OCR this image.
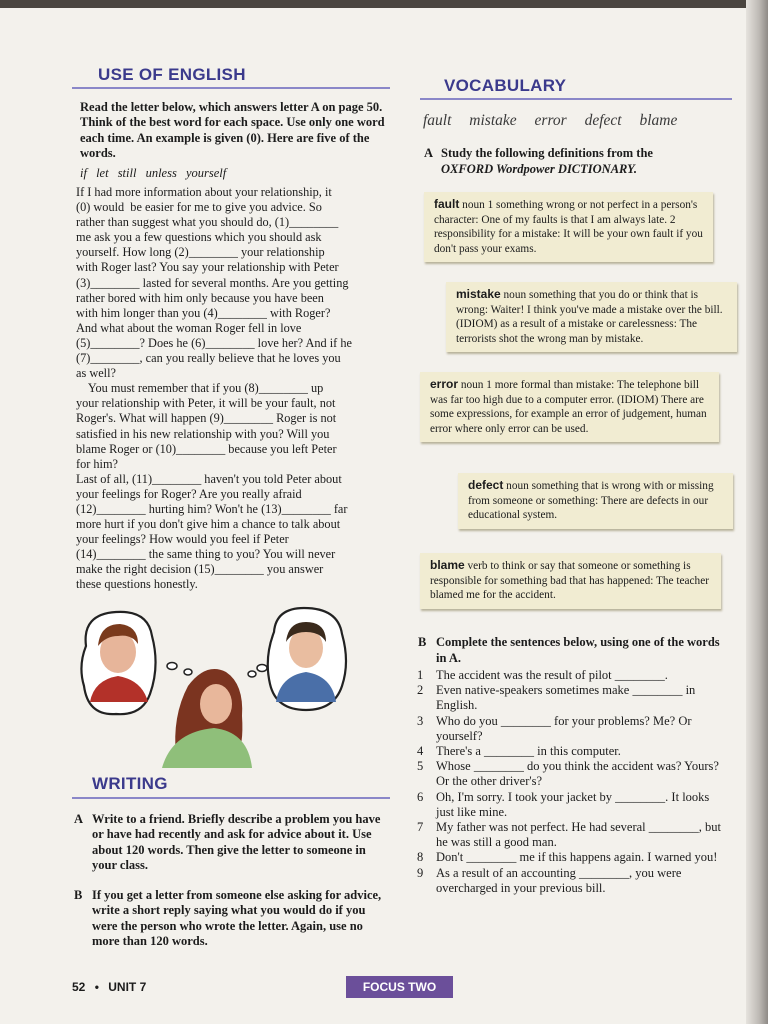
USE OF ENGLISH
Read the letter below, which answers letter A on page 50. Think of the best word for each space. Use only one word each time. An example is given (0). Here are five of the words.
if let still unless yourself
If I had more information about your relationship, it
(0) would  be easier for me to give you advice. So
rather than suggest what you should do, (1)________
me ask you a few questions which you should ask
yourself. How long (2)________ your relationship
with Roger last? You say your relationship with Peter
(3)________ lasted for several months. Are you getting
rather bored with him only because you have been
with him longer than you (4)________ with Roger?
And what about the woman Roger fell in love
(5)________? Does he (6)________ love her? And if he
(7)________, can you really believe that he loves you
as well?
You must remember that if you (8)________ up
your relationship with Peter, it will be your fault, not
Roger's. What will happen (9)________ Roger is not
satisfied in his new relationship with you? Will you
blame Roger or (10)________ because you left Peter
for him?
Last of all, (11)________ haven't you told Peter about
your feelings for Roger? Are you really afraid
(12)________ hurting him? Won't he (13)________ far
more hurt if you don't give him a chance to talk about
your feelings? How would you feel if Peter
(14)________ the same thing to you? You will never
make the right decision (15)________ you answer
these questions honestly.
WRITING
A Write to a friend. Briefly describe a problem you have or have had recently and ask for advice about it. Use about 120 words. Then give the letter to someone in your class.
B If you get a letter from someone else asking for advice, write a short reply saying what you would do if you were the person who wrote the letter. Again, use no more than 120 words.
VOCABULARY
fault mistake error defect blame
A Study the following definitions from the
OXFORD Wordpower DICTIONARY.
fault noun 1 something wrong or not perfect in a person's character: One of my faults is that I am always late. 2 responsibility for a mistake: It will be your own fault if you don't pass your exams.
mistake noun something that you do or think that is wrong: Waiter! I think you've made a mistake over the bill. (IDIOM) as a result of a mistake or carelessness: The terrorists shot the wrong man by mistake.
error noun 1 more formal than mistake: The telephone bill was far too high due to a computer error. (IDIOM) There are some expressions, for example an error of judgement, human error where only error can be used.
defect noun something that is wrong with or missing from someone or something: There are defects in our educational system.
blame verb to think or say that someone or something is responsible for something bad that has happened: The teacher blamed me for the accident.
B Complete the sentences below, using one of the words in A.
1 The accident was the result of pilot ________.
2 Even native-speakers sometimes make ________ in English.
3 Who do you ________ for your problems? Me? Or yourself?
4 There's a ________ in this computer.
5 Whose ________ do you think the accident was? Yours? Or the other driver's?
6 Oh, I'm sorry. I took your jacket by ________. It looks just like mine.
7 My father was not perfect. He had several ________, but he was still a good man.
8 Don't ________ me if this happens again. I warned you!
9 As a result of an accounting ________, you were overcharged in your previous bill.
52 • UNIT 7	FOCUS TWO
